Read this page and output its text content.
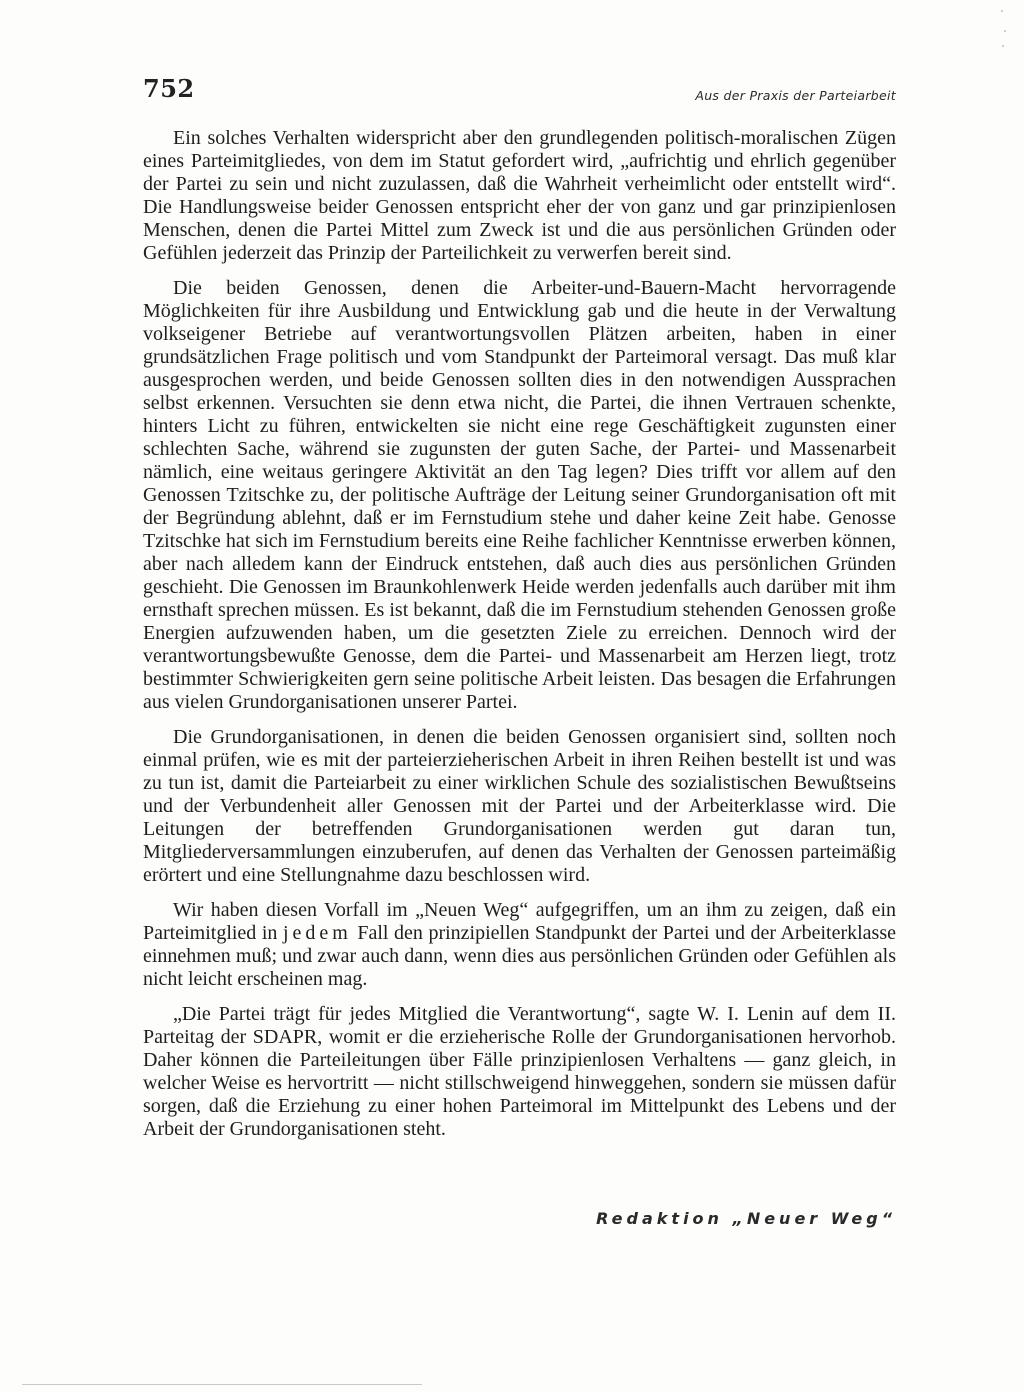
752	Aus der Praxis der Parteiarbeit

Ein solches Verhalten widerspricht aber den grundlegenden politisch-moralischen Zügen eines Parteimitgliedes, von dem im Statut gefordert wird, „aufrichtig und ehrlich gegenüber der Partei zu sein und nicht zuzulassen, daß die Wahrheit verheimlicht oder entstellt wird“. Die Handlungsweise beider Genossen entspricht eher der von ganz und gar prinzipienlosen Menschen, denen die Partei Mittel zum Zweck ist und die aus persönlichen Gründen oder Gefühlen jederzeit das Prinzip der Parteilichkeit zu verwerfen bereit sind.

Die beiden Genossen, denen die Arbeiter-und-Bauern-Macht hervorragende Möglichkeiten für ihre Ausbildung und Entwicklung gab und die heute in der Verwaltung volkseigener Betriebe auf verantwortungsvollen Plätzen arbeiten, haben in einer grundsätzlichen Frage politisch und vom Standpunkt der Parteimoral versagt. Das muß klar ausgesprochen werden, und beide Genossen sollten dies in den notwendigen Aussprachen selbst erkennen. Versuchten sie denn etwa nicht, die Partei, die ihnen Vertrauen schenkte, hinters Licht zu führen, entwickelten sie nicht eine rege Geschäftigkeit zugunsten einer schlechten Sache, während sie zugunsten der guten Sache, der Partei- und Massenarbeit nämlich, eine weitaus geringere Aktivität an den Tag legen? Dies trifft vor allem auf den Genossen Tzitschke zu, der politische Aufträge der Leitung seiner Grundorganisation oft mit der Begründung ablehnt, daß er im Fernstudium stehe und daher keine Zeit habe. Genosse Tzitschke hat sich im Fernstudium bereits eine Reihe fachlicher Kenntnisse erwerben können, aber nach alledem kann der Eindruck entstehen, daß auch dies aus persönlichen Gründen geschieht. Die Genossen im Braunkohlenwerk Heide werden jedenfalls auch darüber mit ihm ernsthaft sprechen müssen. Es ist bekannt, daß die im Fernstudium stehenden Genossen große Energien aufzuwenden haben, um die gesetzten Ziele zu erreichen. Dennoch wird der verantwortungsbewußte Genosse, dem die Partei- und Massenarbeit am Herzen liegt, trotz bestimmter Schwierigkeiten gern seine politische Arbeit leisten. Das besagen die Erfahrungen aus vielen Grundorganisationen unserer Partei.

Die Grundorganisationen, in denen die beiden Genossen organisiert sind, sollten noch einmal prüfen, wie es mit der parteierzieherischen Arbeit in ihren Reihen bestellt ist und was zu tun ist, damit die Parteiarbeit zu einer wirklichen Schule des sozialistischen Bewußtseins und der Verbundenheit aller Genossen mit der Partei und der Arbeiterklasse wird. Die Leitungen der betreffenden Grundorganisationen werden gut daran tun, Mitgliederversammlungen einzuberufen, auf denen das Verhalten der Genossen parteimäßig erörtert und eine Stellungnahme dazu beschlossen wird.

Wir haben diesen Vorfall im „Neuen Weg“ aufgegriffen, um an ihm zu zeigen, daß ein Parteimitglied in jedem Fall den prinzipiellen Standpunkt der Partei und der Arbeiterklasse einnehmen muß; und zwar auch dann, wenn dies aus persönlichen Gründen oder Gefühlen als nicht leicht erscheinen mag.

„Die Partei trägt für jedes Mitglied die Verantwortung“, sagte W. I. Lenin auf dem II. Parteitag der SDAPR, womit er die erzieherische Rolle der Grundorganisationen hervorhob. Daher können die Parteileitungen über Fälle prinzipienlosen Verhaltens — ganz gleich, in welcher Weise es hervortritt — nicht stillschweigend hinweggehen, sondern sie müssen dafür sorgen, daß die Erziehung zu einer hohen Parteimoral im Mittelpunkt des Lebens und der Arbeit der Grundorganisationen steht.

Redaktion „Neuer Weg“
